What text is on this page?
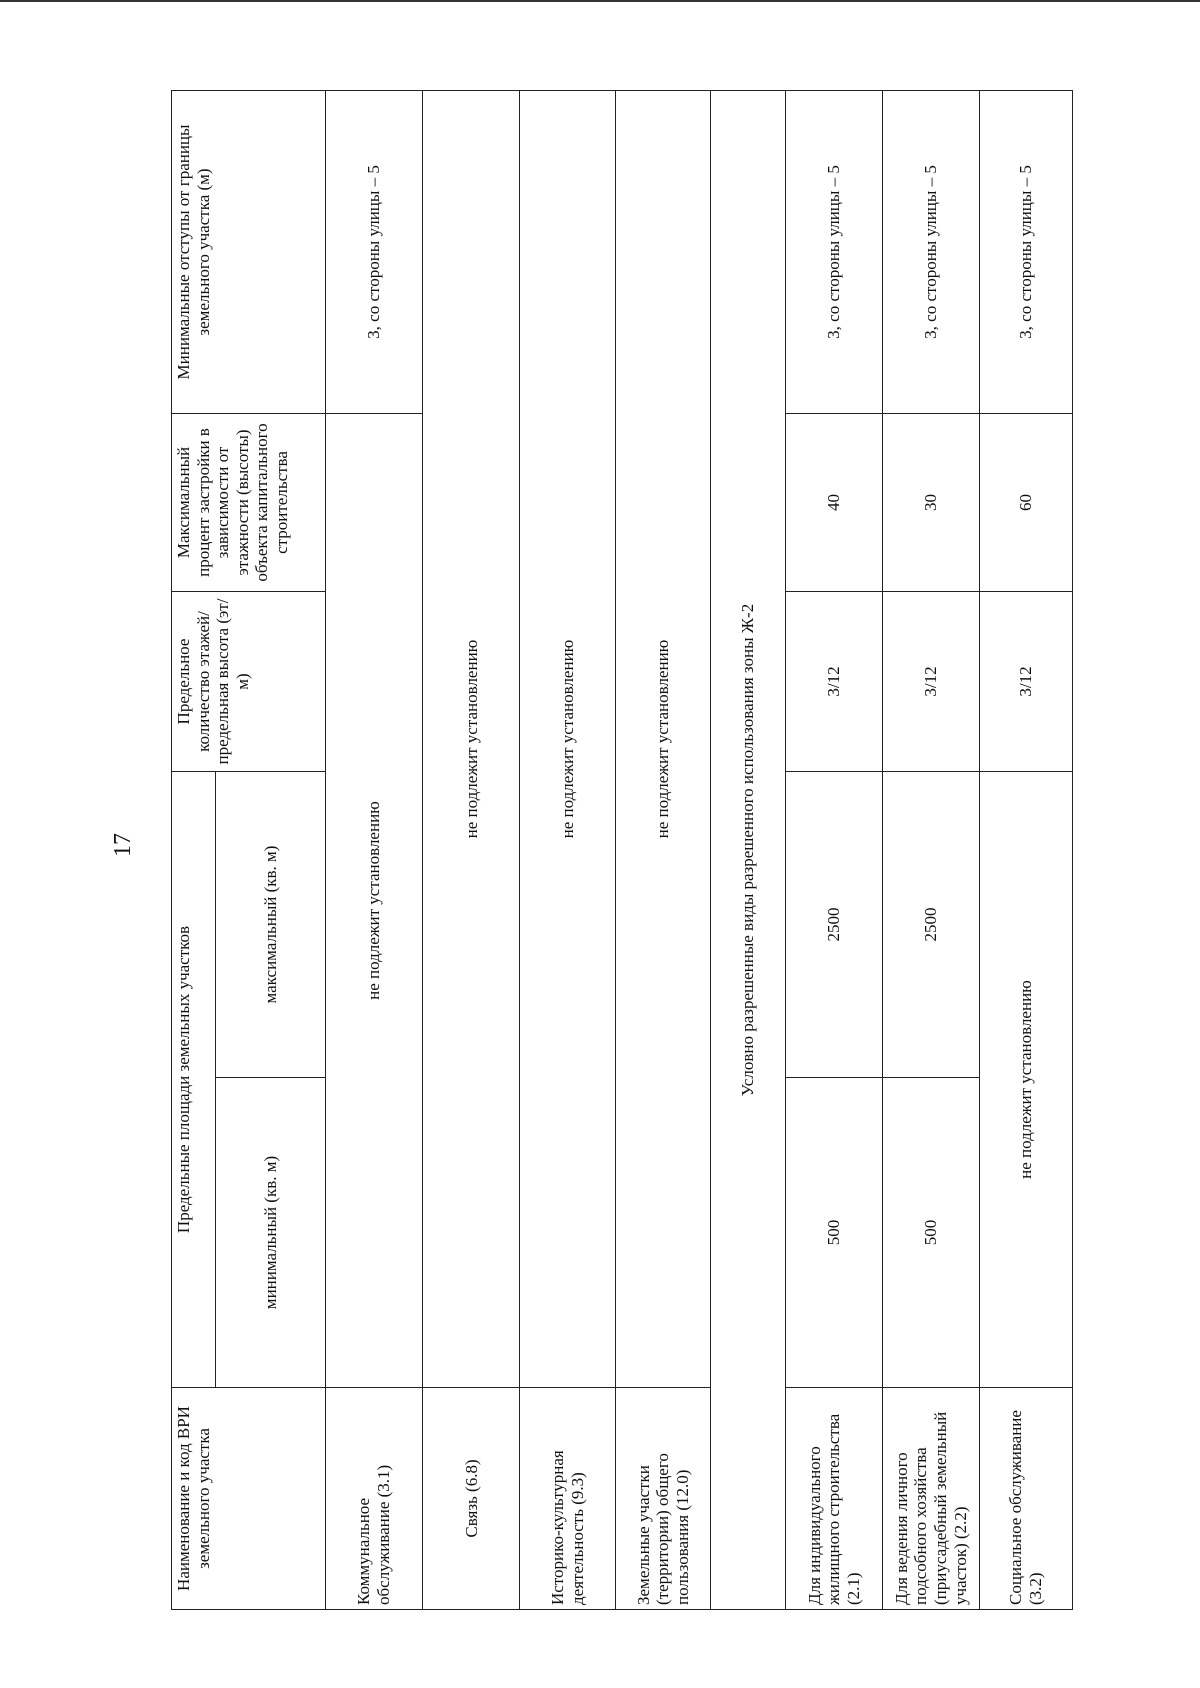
17
Наименование и код ВРИ земельного участка	Предельные площади земельных участков		Предельное количество этажей/ предельная высота (эт/м)	Максимальный процент застройки в зависимости от этажности (высоты) объекта капитального строительства	Минимальные отступы от границы земельного участка (м)
	минимальный (кв. м)	максимальный (кв. м)			
Коммунальное обслуживание (3.1)	не подлежит установлению				3, со стороны улицы – 5
Связь (6.8)	не подлежит установлению				
Историко-культурная деятельность (9.3)	не подлежит установлению				
Земельные участки (территории) общего пользования (12.0)	не подлежит установлению				
Условно разрешенные виды разрешенного использования зоны Ж-2					
Для индивидуального жилищного строительства (2.1)	500	2500	3/12	40	3, со стороны улицы – 5
Для ведения личного подсобного хозяйства (приусадебный земельный участок) (2.2)	500	2500	3/12	30	3, со стороны улицы – 5
Социальное обслуживание (3.2)	не подлежит установлению		3/12	60	3, со стороны улицы – 5
